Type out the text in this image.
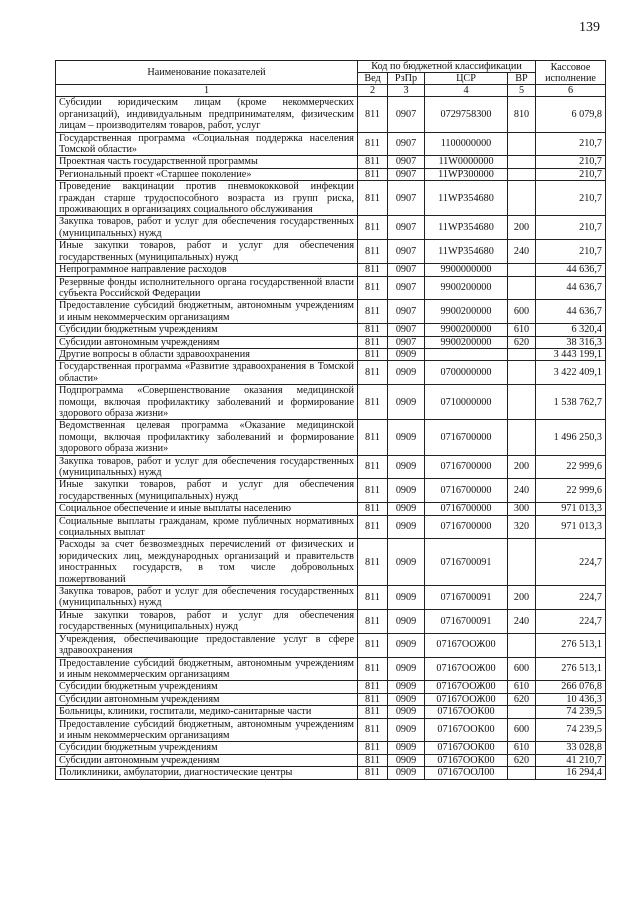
139
Наименование показателей	Код по бюджетной классификации				Кассовое исполнение
	Вед	РзПр	ЦСР	ВР	
1	2	3	4	5	6
Субсидии юридическим лицам (кроме некоммерческих организаций), индивидуальным предпринимателям, физическим лицам – производителям товаров, работ, услуг	811	0907	0729758300	810	6 079,8
Государственная программа «Социальная поддержка населения Томской области»	811	0907	1100000000		210,7
Проектная часть государственной программы	811	0907	11W0000000		210,7
Региональный проект «Старшее поколение»	811	0907	11WP300000		210,7
Проведение вакцинации против пневмококковой инфекции граждан старше трудоспособного возраста из групп риска, проживающих в организациях социального обслуживания	811	0907	11WP354680		210,7
Закупка товаров, работ и услуг для обеспечения государственных (муниципальных) нужд	811	0907	11WP354680	200	210,7
Иные закупки товаров, работ и услуг для обеспечения государственных (муниципальных) нужд	811	0907	11WP354680	240	210,7
Непрограммное направление расходов	811	0907	9900000000		44 636,7
Резервные фонды исполнительного органа государственной власти субъекта Российской Федерации	811	0907	9900200000		44 636,7
Предоставление субсидий бюджетным, автономным учреждениям и иным некоммерческим организациям	811	0907	9900200000	600	44 636,7
Субсидии бюджетным учреждениям	811	0907	9900200000	610	6 320,4
Субсидии автономным учреждениям	811	0907	9900200000	620	38 316,3
Другие вопросы в области здравоохранения	811	0909			3 443 199,1
Государственная программа «Развитие здравоохранения в Томской области»	811	0909	0700000000		3 422 409,1
Подпрограмма «Совершенствование оказания медицинской помощи, включая профилактику заболеваний и формирование здорового образа жизни»	811	0909	0710000000		1 538 762,7
Ведомственная целевая программа «Оказание медицинской помощи, включая профилактику заболеваний и формирование здорового образа жизни»	811	0909	0716700000		1 496 250,3
Закупка товаров, работ и услуг для обеспечения государственных (муниципальных) нужд	811	0909	0716700000	200	22 999,6
Иные закупки товаров, работ и услуг для обеспечения государственных (муниципальных) нужд	811	0909	0716700000	240	22 999,6
Социальное обеспечение и иные выплаты населению	811	0909	0716700000	300	971 013,3
Социальные выплаты гражданам, кроме публичных нормативных социальных выплат	811	0909	0716700000	320	971 013,3
Расходы за счет безвозмездных перечислений от физических и юридических лиц, международных организаций и правительств иностранных государств, в том числе добровольных пожертвований	811	0909	0716700091		224,7
Закупка товаров, работ и услуг для обеспечения государственных (муниципальных) нужд	811	0909	0716700091	200	224,7
Иные закупки товаров, работ и услуг для обеспечения государственных (муниципальных) нужд	811	0909	0716700091	240	224,7
Учреждения, обеспечивающие предоставление услуг в сфере здравоохранения	811	0909	07167ООЖ00		276 513,1
Предоставление субсидий бюджетным, автономным учреждениям и иным некоммерческим организациям	811	0909	07167ООЖ00	600	276 513,1
Субсидии бюджетным учреждениям	811	0909	07167ООЖ00	610	266 076,8
Субсидии автономным учреждениям	811	0909	07167ООЖ00	620	10 436,3
Больницы, клиники, госпитали, медико-санитарные части	811	0909	07167ООК00		74 239,5
Предоставление субсидий бюджетным, автономным учреждениям и иным некоммерческим организациям	811	0909	07167ООК00	600	74 239,5
Субсидии бюджетным учреждениям	811	0909	07167ООК00	610	33 028,8
Субсидии автономным учреждениям	811	0909	07167ООК00	620	41 210,7
Поликлиники, амбулатории, диагностические центры	811	0909	07167ООЛ00		16 294,4
